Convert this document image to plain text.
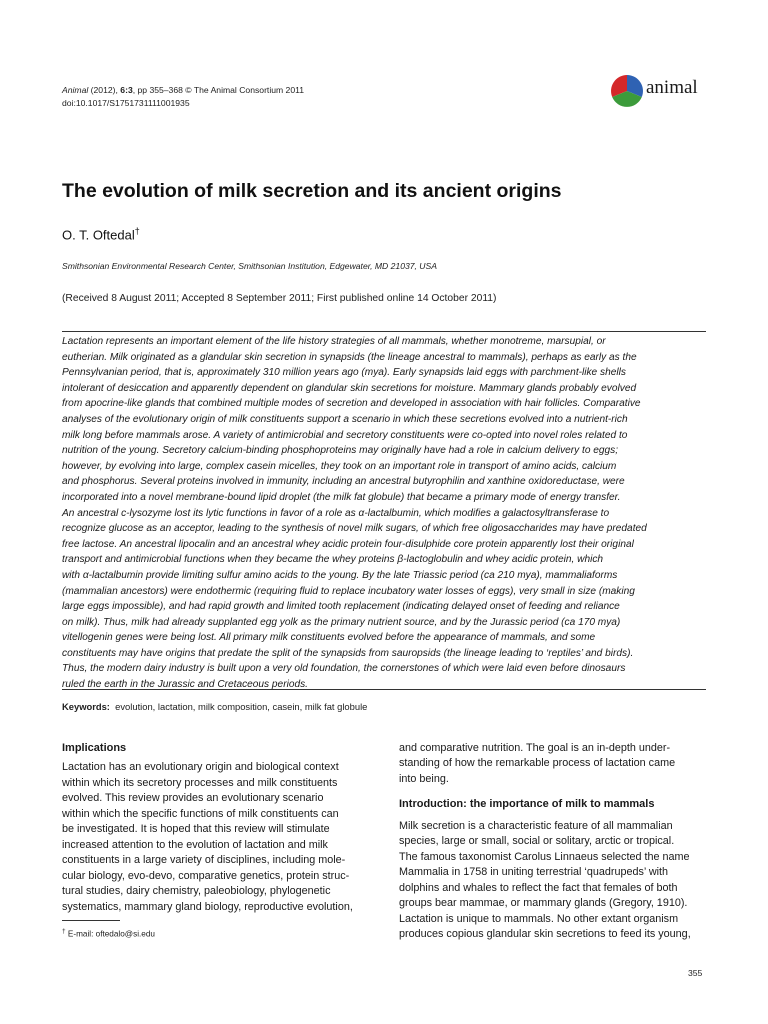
Animal (2012), 6:3, pp 355–368 © The Animal Consortium 2011
doi:10.1017/S1751731111001935
animal
The evolution of milk secretion and its ancient origins
O. T. Oftedal†
Smithsonian Environmental Research Center, Smithsonian Institution, Edgewater, MD 21037, USA
(Received 8 August 2011; Accepted 8 September 2011; First published online 14 October 2011)
Lactation represents an important element of the life history strategies of all mammals, whether monotreme, marsupial, or
eutherian. Milk originated as a glandular skin secretion in synapsids (the lineage ancestral to mammals), perhaps as early as the
Pennsylvanian period, that is, approximately 310 million years ago (mya). Early synapsids laid eggs with parchment-like shells
intolerant of desiccation and apparently dependent on glandular skin secretions for moisture. Mammary glands probably evolved
from apocrine-like glands that combined multiple modes of secretion and developed in association with hair follicles. Comparative
analyses of the evolutionary origin of milk constituents support a scenario in which these secretions evolved into a nutrient-rich
milk long before mammals arose. A variety of antimicrobial and secretory constituents were co-opted into novel roles related to
nutrition of the young. Secretory calcium-binding phosphoproteins may originally have had a role in calcium delivery to eggs;
however, by evolving into large, complex casein micelles, they took on an important role in transport of amino acids, calcium
and phosphorus. Several proteins involved in immunity, including an ancestral butyrophilin and xanthine oxidoreductase, were
incorporated into a novel membrane-bound lipid droplet (the milk fat globule) that became a primary mode of energy transfer.
An ancestral c-lysozyme lost its lytic functions in favor of a role as α-lactalbumin, which modifies a galactosyltransferase to
recognize glucose as an acceptor, leading to the synthesis of novel milk sugars, of which free oligosaccharides may have predated
free lactose. An ancestral lipocalin and an ancestral whey acidic protein four-disulphide core protein apparently lost their original
transport and antimicrobial functions when they became the whey proteins β-lactoglobulin and whey acidic protein, which
with α-lactalbumin provide limiting sulfur amino acids to the young. By the late Triassic period (ca 210 mya), mammaliaforms
(mammalian ancestors) were endothermic (requiring fluid to replace incubatory water losses of eggs), very small in size (making
large eggs impossible), and had rapid growth and limited tooth replacement (indicating delayed onset of feeding and reliance
on milk). Thus, milk had already supplanted egg yolk as the primary nutrient source, and by the Jurassic period (ca 170 mya)
vitellogenin genes were being lost. All primary milk constituents evolved before the appearance of mammals, and some
constituents may have origins that predate the split of the synapsids from sauropsids (the lineage leading to ‘reptiles’ and birds).
Thus, the modern dairy industry is built upon a very old foundation, the cornerstones of which were laid even before dinosaurs
ruled the earth in the Jurassic and Cretaceous periods.
Keywords: evolution, lactation, milk composition, casein, milk fat globule
Implications
Lactation has an evolutionary origin and biological context
within which its secretory processes and milk constituents
evolved. This review provides an evolutionary scenario
within which the specific functions of milk constituents can
be investigated. It is hoped that this review will stimulate
increased attention to the evolution of lactation and milk
constituents in a large variety of disciplines, including mole-
cular biology, evo-devo, comparative genetics, protein struc-
tural studies, dairy chemistry, paleobiology, phylogenetic
systematics, mammary gland biology, reproductive evolution,
and comparative nutrition. The goal is an in-depth under-
standing of how the remarkable process of lactation came
into being.
Introduction: the importance of milk to mammals
Milk secretion is a characteristic feature of all mammalian
species, large or small, social or solitary, arctic or tropical.
The famous taxonomist Carolus Linnaeus selected the name
Mammalia in 1758 in uniting terrestrial ‘quadrupeds’ with
dolphins and whales to reflect the fact that females of both
groups bear mammae, or mammary glands (Gregory, 1910).
Lactation is unique to mammals. No other extant organism
produces copious glandular skin secretions to feed its young,
† E-mail: oftedalo@si.edu
355
